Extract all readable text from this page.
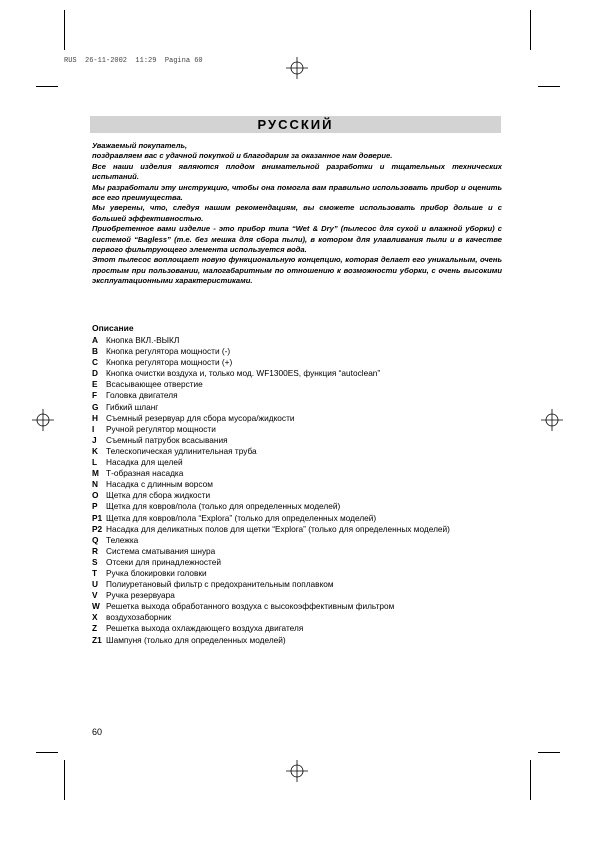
RUS  26-11-2002  11:29  Pagina 60
РУССКИЙ

Уважаемый покупатель,

поздравляем вас с удачной покупкой и благодарим за оказанное нам доверие.

Все наши изделия являются плодом внимательной разработки и тщательных технических испытаний.

Мы разработали эту инструкцию, чтобы она помогла вам правильно использовать прибор и оценить все его преимущества.

Мы уверены, что, следуя нашим рекомендациям, вы сможете использовать прибор дольше и с большей эффективностью.

Приобретенное вами изделие - это прибор типа “Wet & Dry” (пылесос для сухой и влажной уборки) с системой “Bagless” (т.е. без мешка для сбора пыли), в котором для улавливания пыли и в качестве первого фильтрующего элемента используется вода.

Этот пылесос воплощает новую функциональную концепцию, которая делает его уникальным, очень простым при пользовании, малогабаритным по отношению к возможности уборки, с очень высокими эксплуатационными характеристиками.

Описание
A Кнопка ВКЛ.-ВЫКЛ
B Кнопка регулятора мощности (-)
C Кнопка регулятора мощности (+)
D Кнопка очистки воздуха и, только мод. WF1300ES, функция “autoclean”
E Всасывающее отверстие
F Головка двигателя
G Гибкий шланг
H Съемный резервуар для сбора мусора/жидкости
I Ручной регулятор мощности
J Съемный патрубок всасывания
K Телескопическая удлинительная труба
L Насадка для щелей
M Т-образная насадка
N Насадка с длинным ворсом
O Щетка для сбора жидкости
P Щетка для ковров/пола (только для определенных моделей)
P1 Щетка для ковров/пола “Explora” (только для определенных моделей)
P2 Насадка для деликатных полов для щетки “Explora” (только для определенных моделей)
Q Тележка
R Система сматывания шнура
S Отсеки для принадлежностей
T Ручка блокировки головки
U Полиуретановый фильтр с предохранительным поплавком
V Ручка резервуара
W Решетка выхода обработанного воздуха с высокоэффективным фильтром
X воздухозаборник
Z Решетка выхода охлаждающего воздуха двигателя
Z1 Шампуня (только для определенных моделей)
60
